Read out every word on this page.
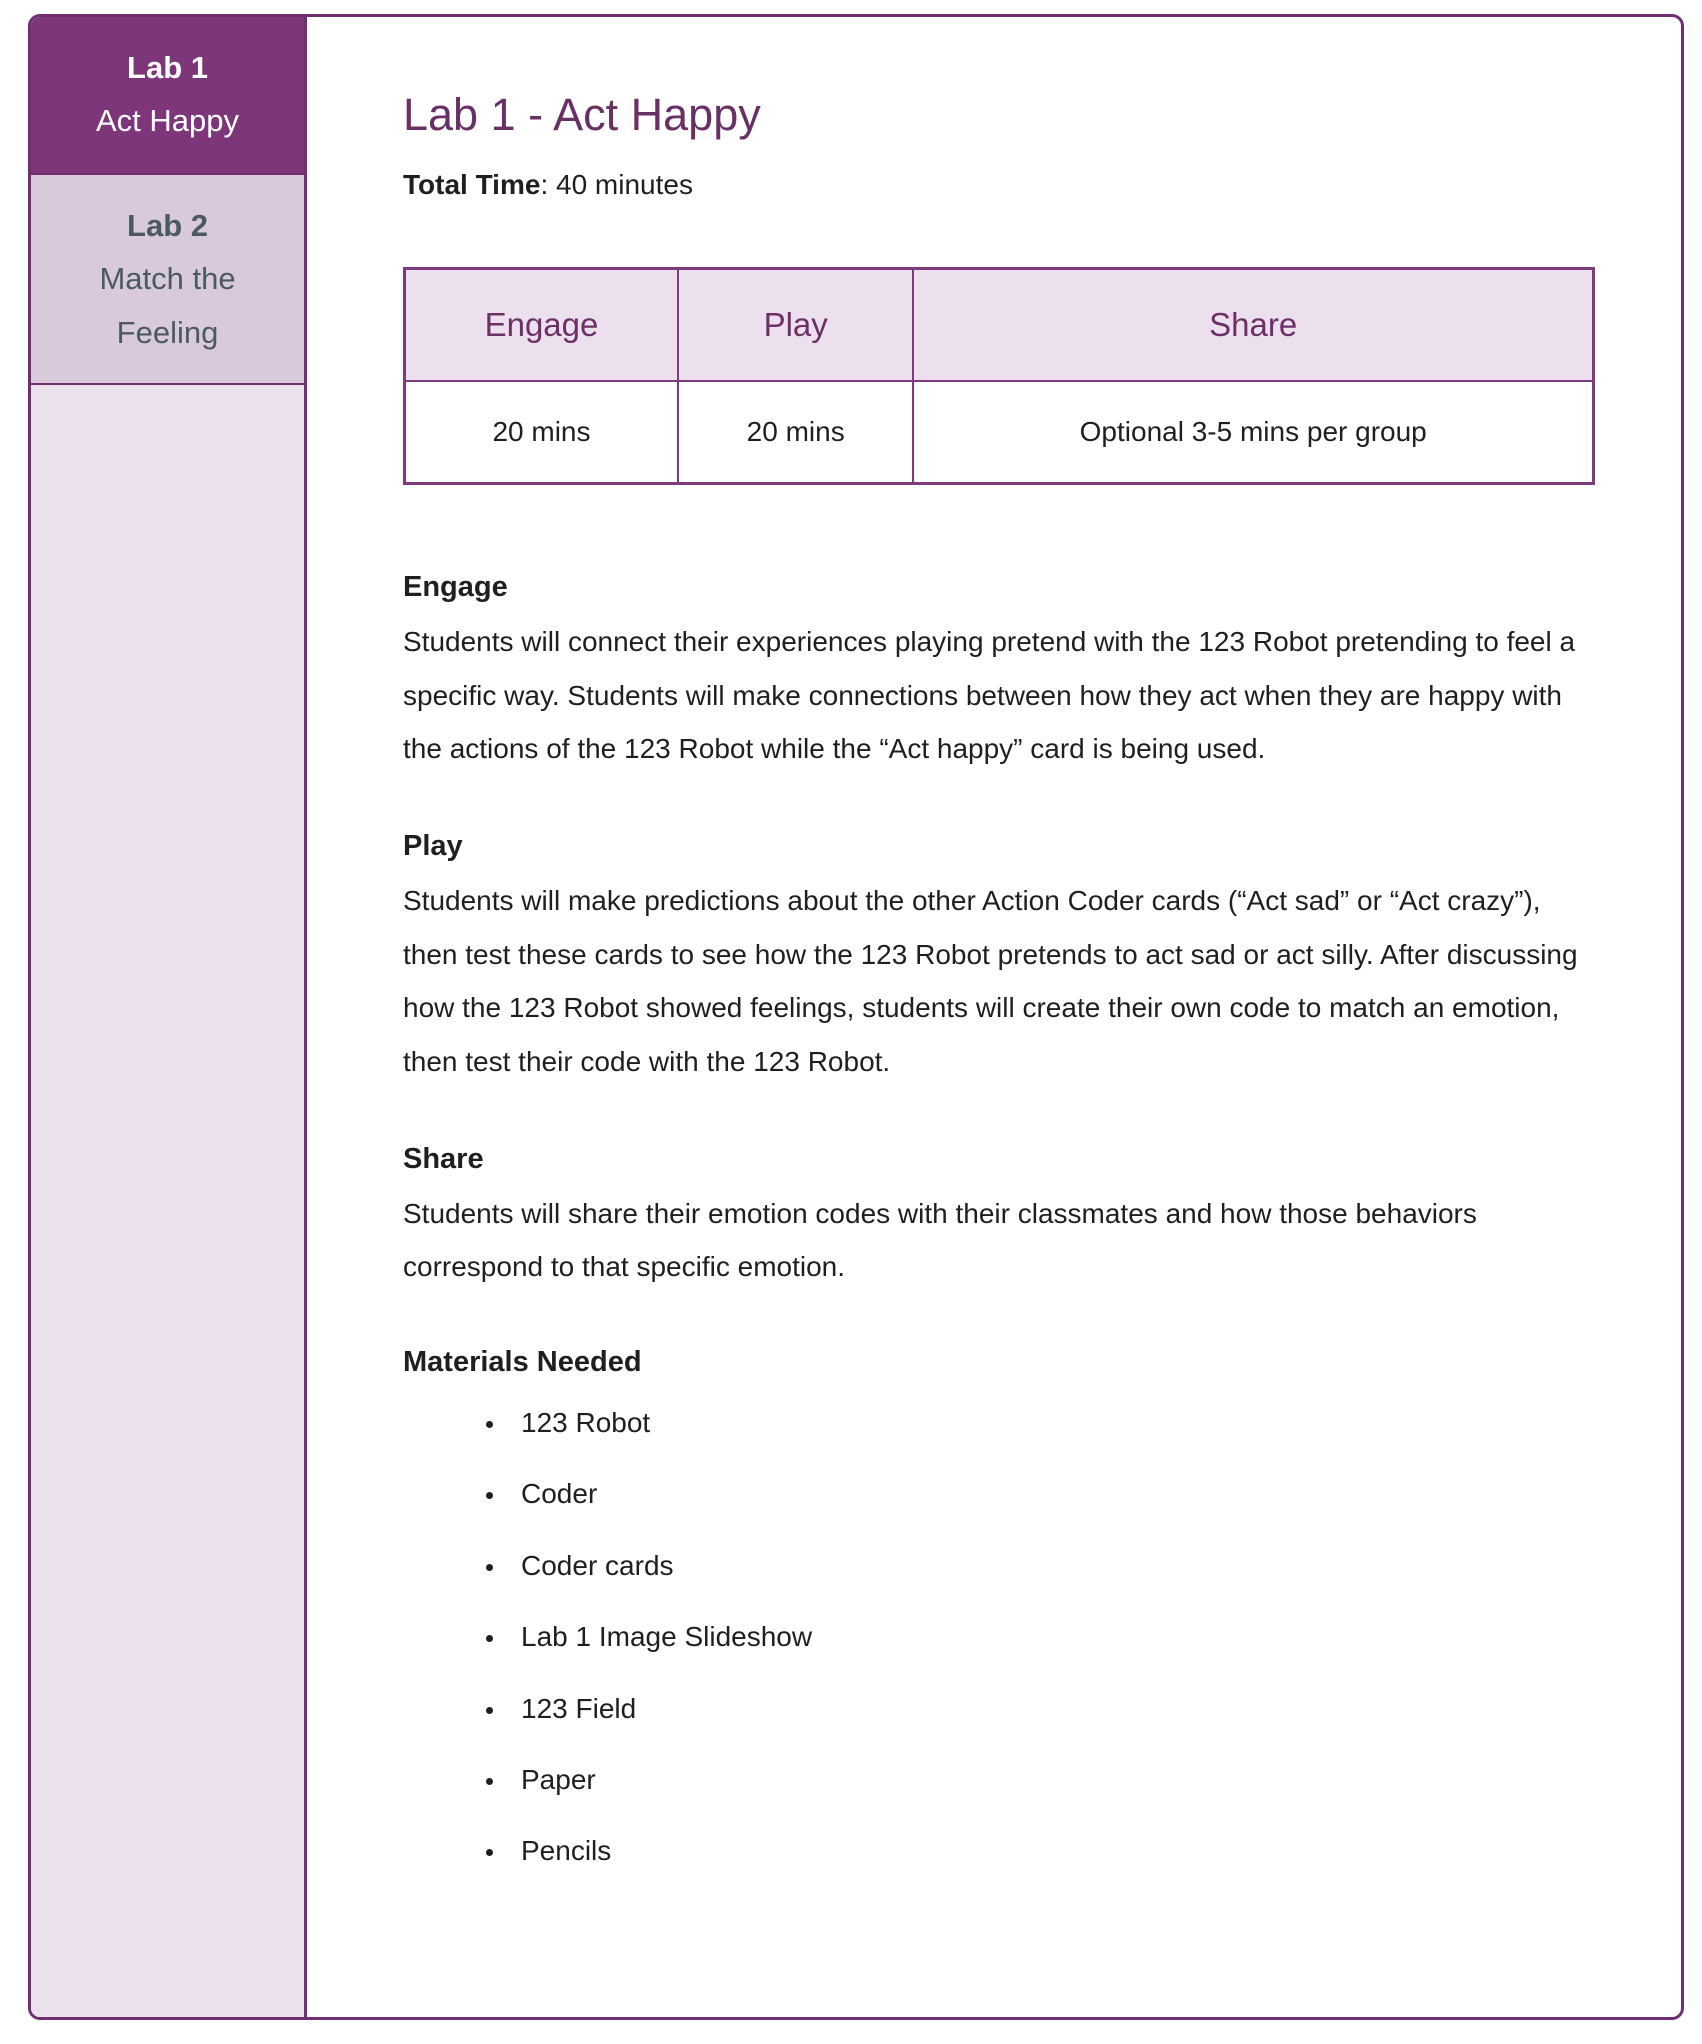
Lab 1
Act Happy
Lab 2
Match the Feeling
Lab 1 - Act Happy
Total Time: 40 minutes
Engage	Play	Share
20 mins	20 mins	Optional 3-5 mins per group
Engage

Students will connect their experiences playing pretend with the 123 Robot pretending to feel a specific way. Students will make connections between how they act when they are happy with the actions of the 123 Robot while the “Act happy” card is being used.

Play

Students will make predictions about the other Action Coder cards (“Act sad” or “Act crazy”), then test these cards to see how the 123 Robot pretends to act sad or act silly. After discussing how the 123 Robot showed feelings, students will create their own code to match an emotion, then test their code with the 123 Robot.

Share

Students will share their emotion codes with their classmates and how those behaviors correspond to that specific emotion.

Materials Needed
• 123 Robot
• Coder
• Coder cards
• Lab 1 Image Slideshow
• 123 Field
• Paper
• Pencils
